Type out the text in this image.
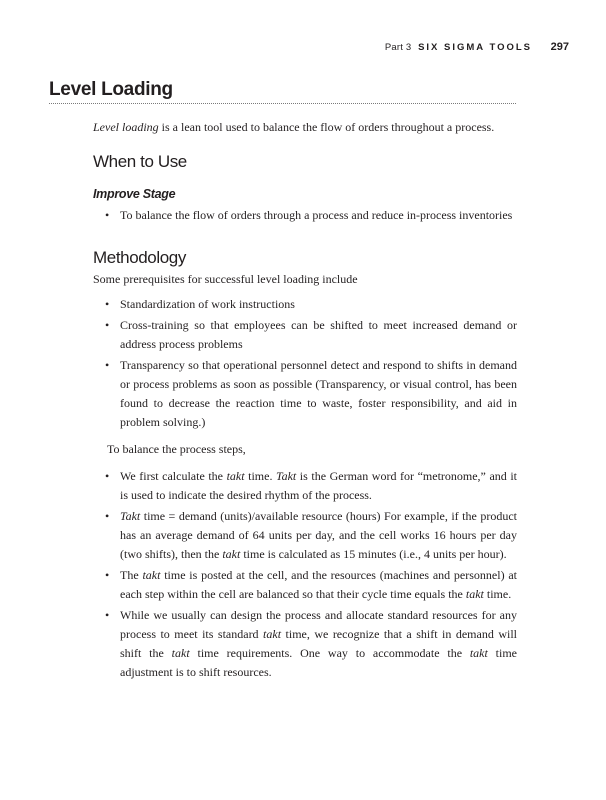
Part 3 SIX SIGMA TOOLS 297
Level Loading

Level loading is a lean tool used to balance the flow of orders throughout a process.

When to Use
Improve Stage
• To balance the flow of orders through a process and reduce in-process inventories
Methodology

Some prerequisites for successful level loading include

• Standardization of work instructions
• Cross-training so that employees can be shifted to meet increased demand or address process problems
• Transparency so that operational personnel detect and respond to shifts in demand or process problems as soon as possible (Transparency, or visual control, has been found to decrease the reaction time to waste, foster responsibility, and aid in problem solving.)

To balance the process steps,

• We first calculate the takt time. Takt is the German word for “metronome,” and it is used to indicate the desired rhythm of the process.
• Takt time = demand (units)/available resource (hours) For example, if the product has an average demand of 64 units per day, and the cell works 16 hours per day (two shifts), then the takt time is calculated as 15 minutes (i.e., 4 units per hour).
• The takt time is posted at the cell, and the resources (machines and personnel) at each step within the cell are balanced so that their cycle time equals the takt time.
• While we usually can design the process and allocate standard resources for any process to meet its standard takt time, we recognize that a shift in demand will shift the takt time requirements. One way to accommodate the takt time adjustment is to shift resources.
